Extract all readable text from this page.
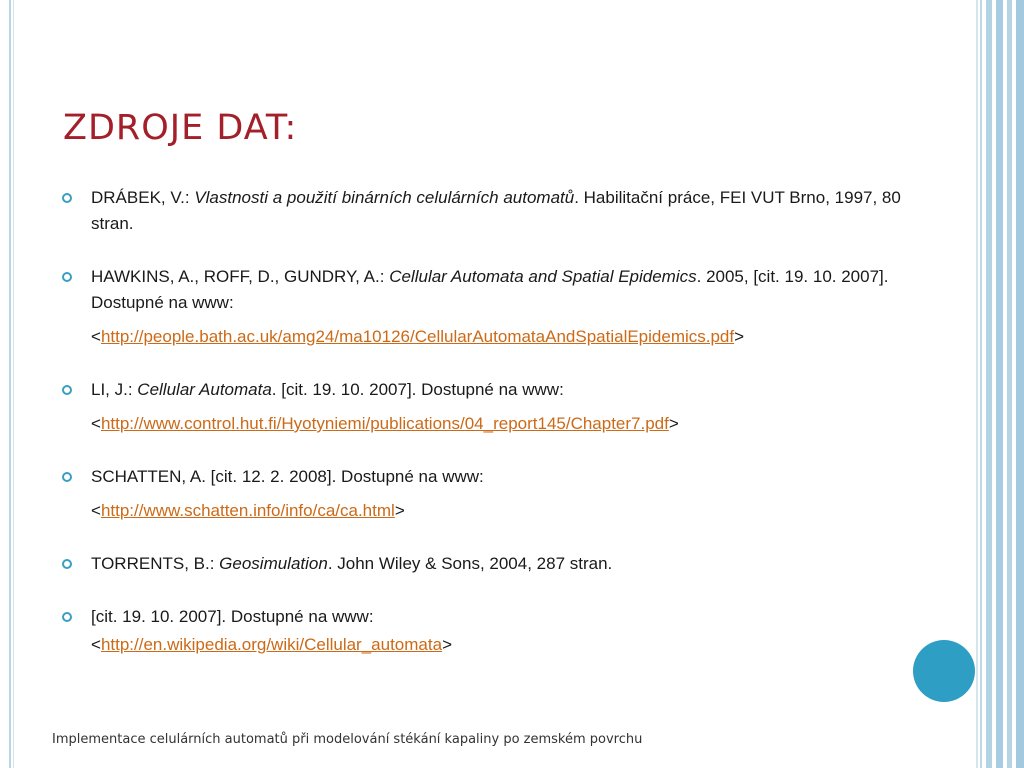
ZDROJE DAT:
DRÁBEK, V.: Vlastnosti a použití binárních celulárních automatů. Habilitační práce, FEI VUT Brno, 1997, 80 stran.
HAWKINS, A., ROFF, D., GUNDRY, A.: Cellular Automata and Spatial Epidemics. 2005, [cit. 19. 10. 2007]. Dostupné na www:
<http://people.bath.ac.uk/amg24/ma10126/CellularAutomataAndSpatialEpidemics.pdf>
LI, J.: Cellular Automata. [cit. 19. 10. 2007]. Dostupné na www:
<http://www.control.hut.fi/Hyotyniemi/publications/04_report145/Chapter7.pdf>
SCHATTEN, A. [cit. 12. 2. 2008]. Dostupné na www:
<http://www.schatten.info/info/ca/ca.html>
TORRENTS, B.: Geosimulation. John Wiley & Sons, 2004, 287 stran.
[cit. 19. 10. 2007]. Dostupné na www:
<http://en.wikipedia.org/wiki/Cellular_automata>
Implementace celulárních automatů při modelování stékání kapaliny po zemském povrchu
